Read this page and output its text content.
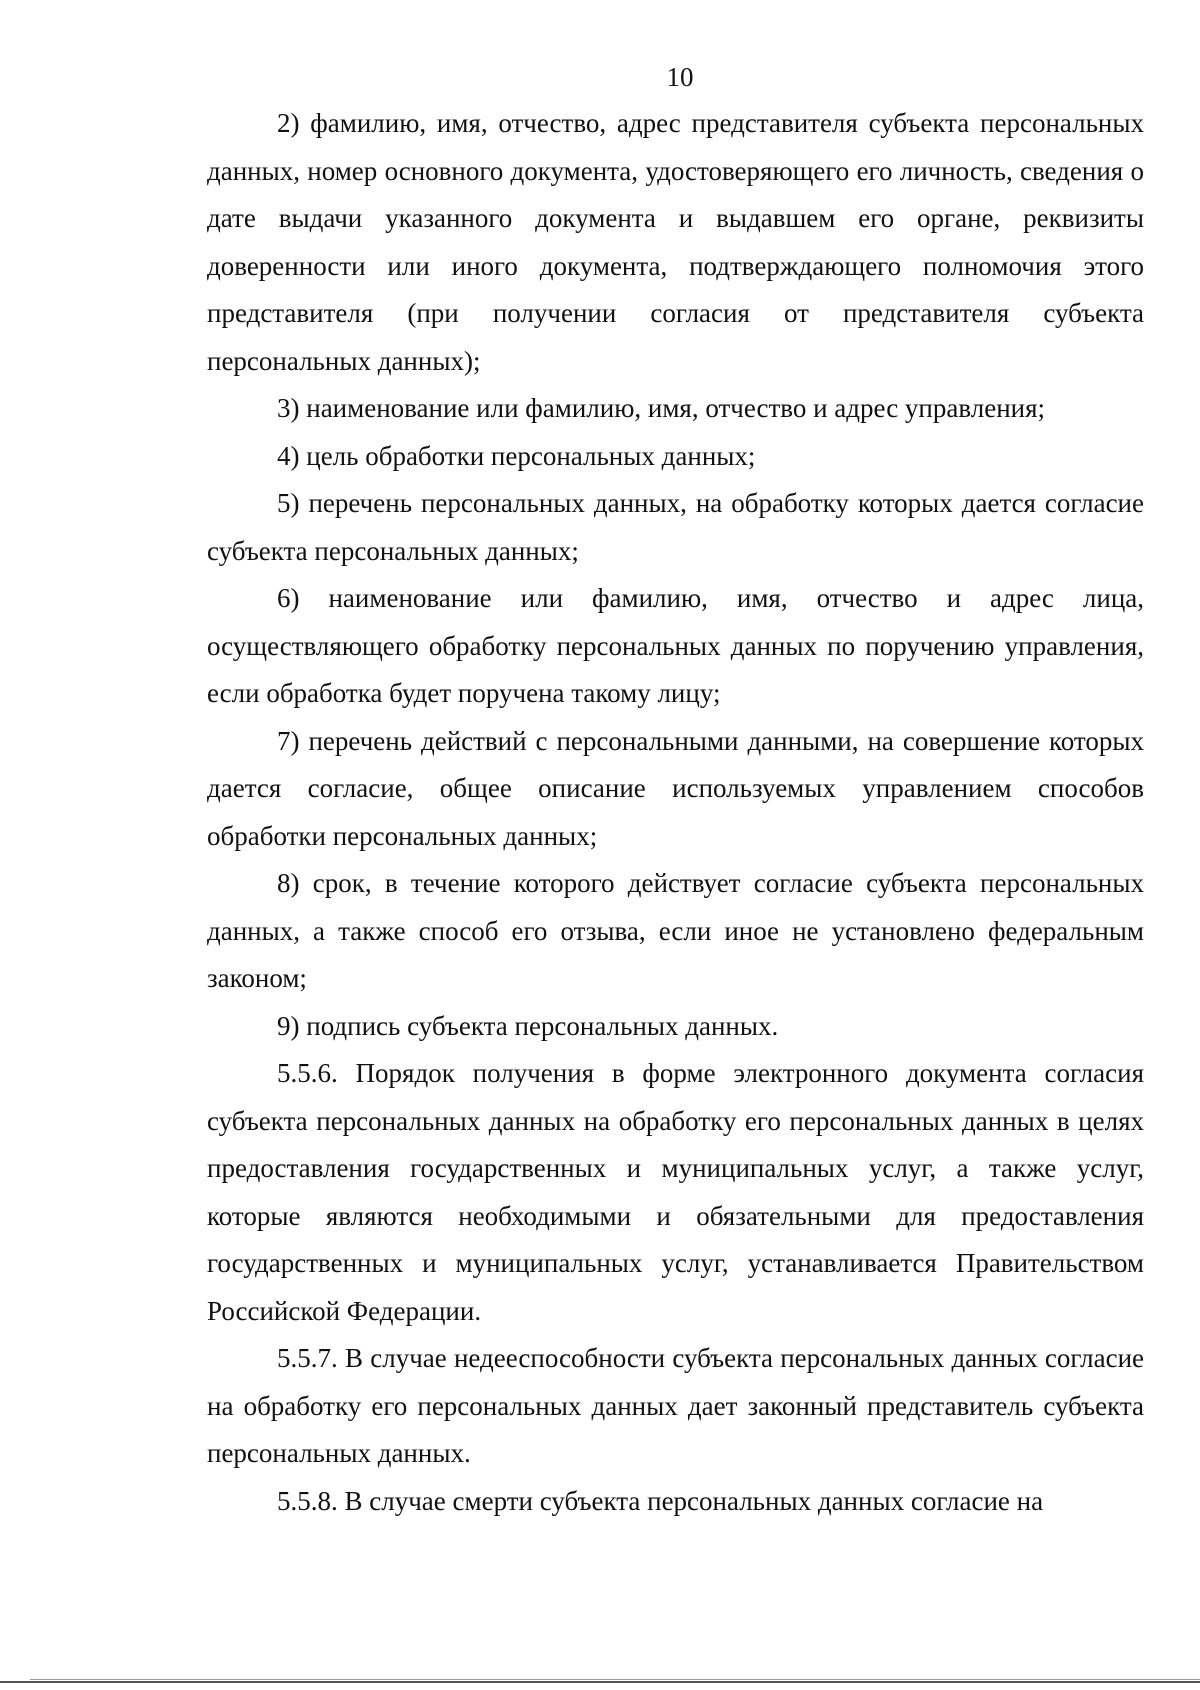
10

2) фамилию, имя, отчество, адрес представителя субъекта персональных данных, номер основного документа, удостоверяющего его личность, сведения о дате выдачи указанного документа и выдавшем его органе, реквизиты доверенности или иного документа, подтверждающего полномочия этого представителя (при получении согласия от представителя субъекта персональных данных);

3) наименование или фамилию, имя, отчество и адрес управления;

4) цель обработки персональных данных;

5) перечень персональных данных, на обработку которых дается согласие субъекта персональных данных;

6) наименование или фамилию, имя, отчество и адрес лица, осуществляющего обработку персональных данных по поручению управления, если обработка будет поручена такому лицу;

7) перечень действий с персональными данными, на совершение которых дается согласие, общее описание используемых управлением способов обработки персональных данных;

8) срок, в течение которого действует согласие субъекта персональных данных, а также способ его отзыва, если иное не установлено федеральным законом;

9) подпись субъекта персональных данных.

5.5.6. Порядок получения в форме электронного документа согласия субъекта персональных данных на обработку его персональных данных в целях предоставления государственных и муниципальных услуг, а также услуг, которые являются необходимыми и обязательными для предоставления государственных и муниципальных услуг, устанавливается Правительством Российской Федерации.

5.5.7. В случае недееспособности субъекта персональных данных согласие на обработку его персональных данных дает законный представитель субъекта персональных данных.

5.5.8. В случае смерти субъекта персональных данных согласие на
